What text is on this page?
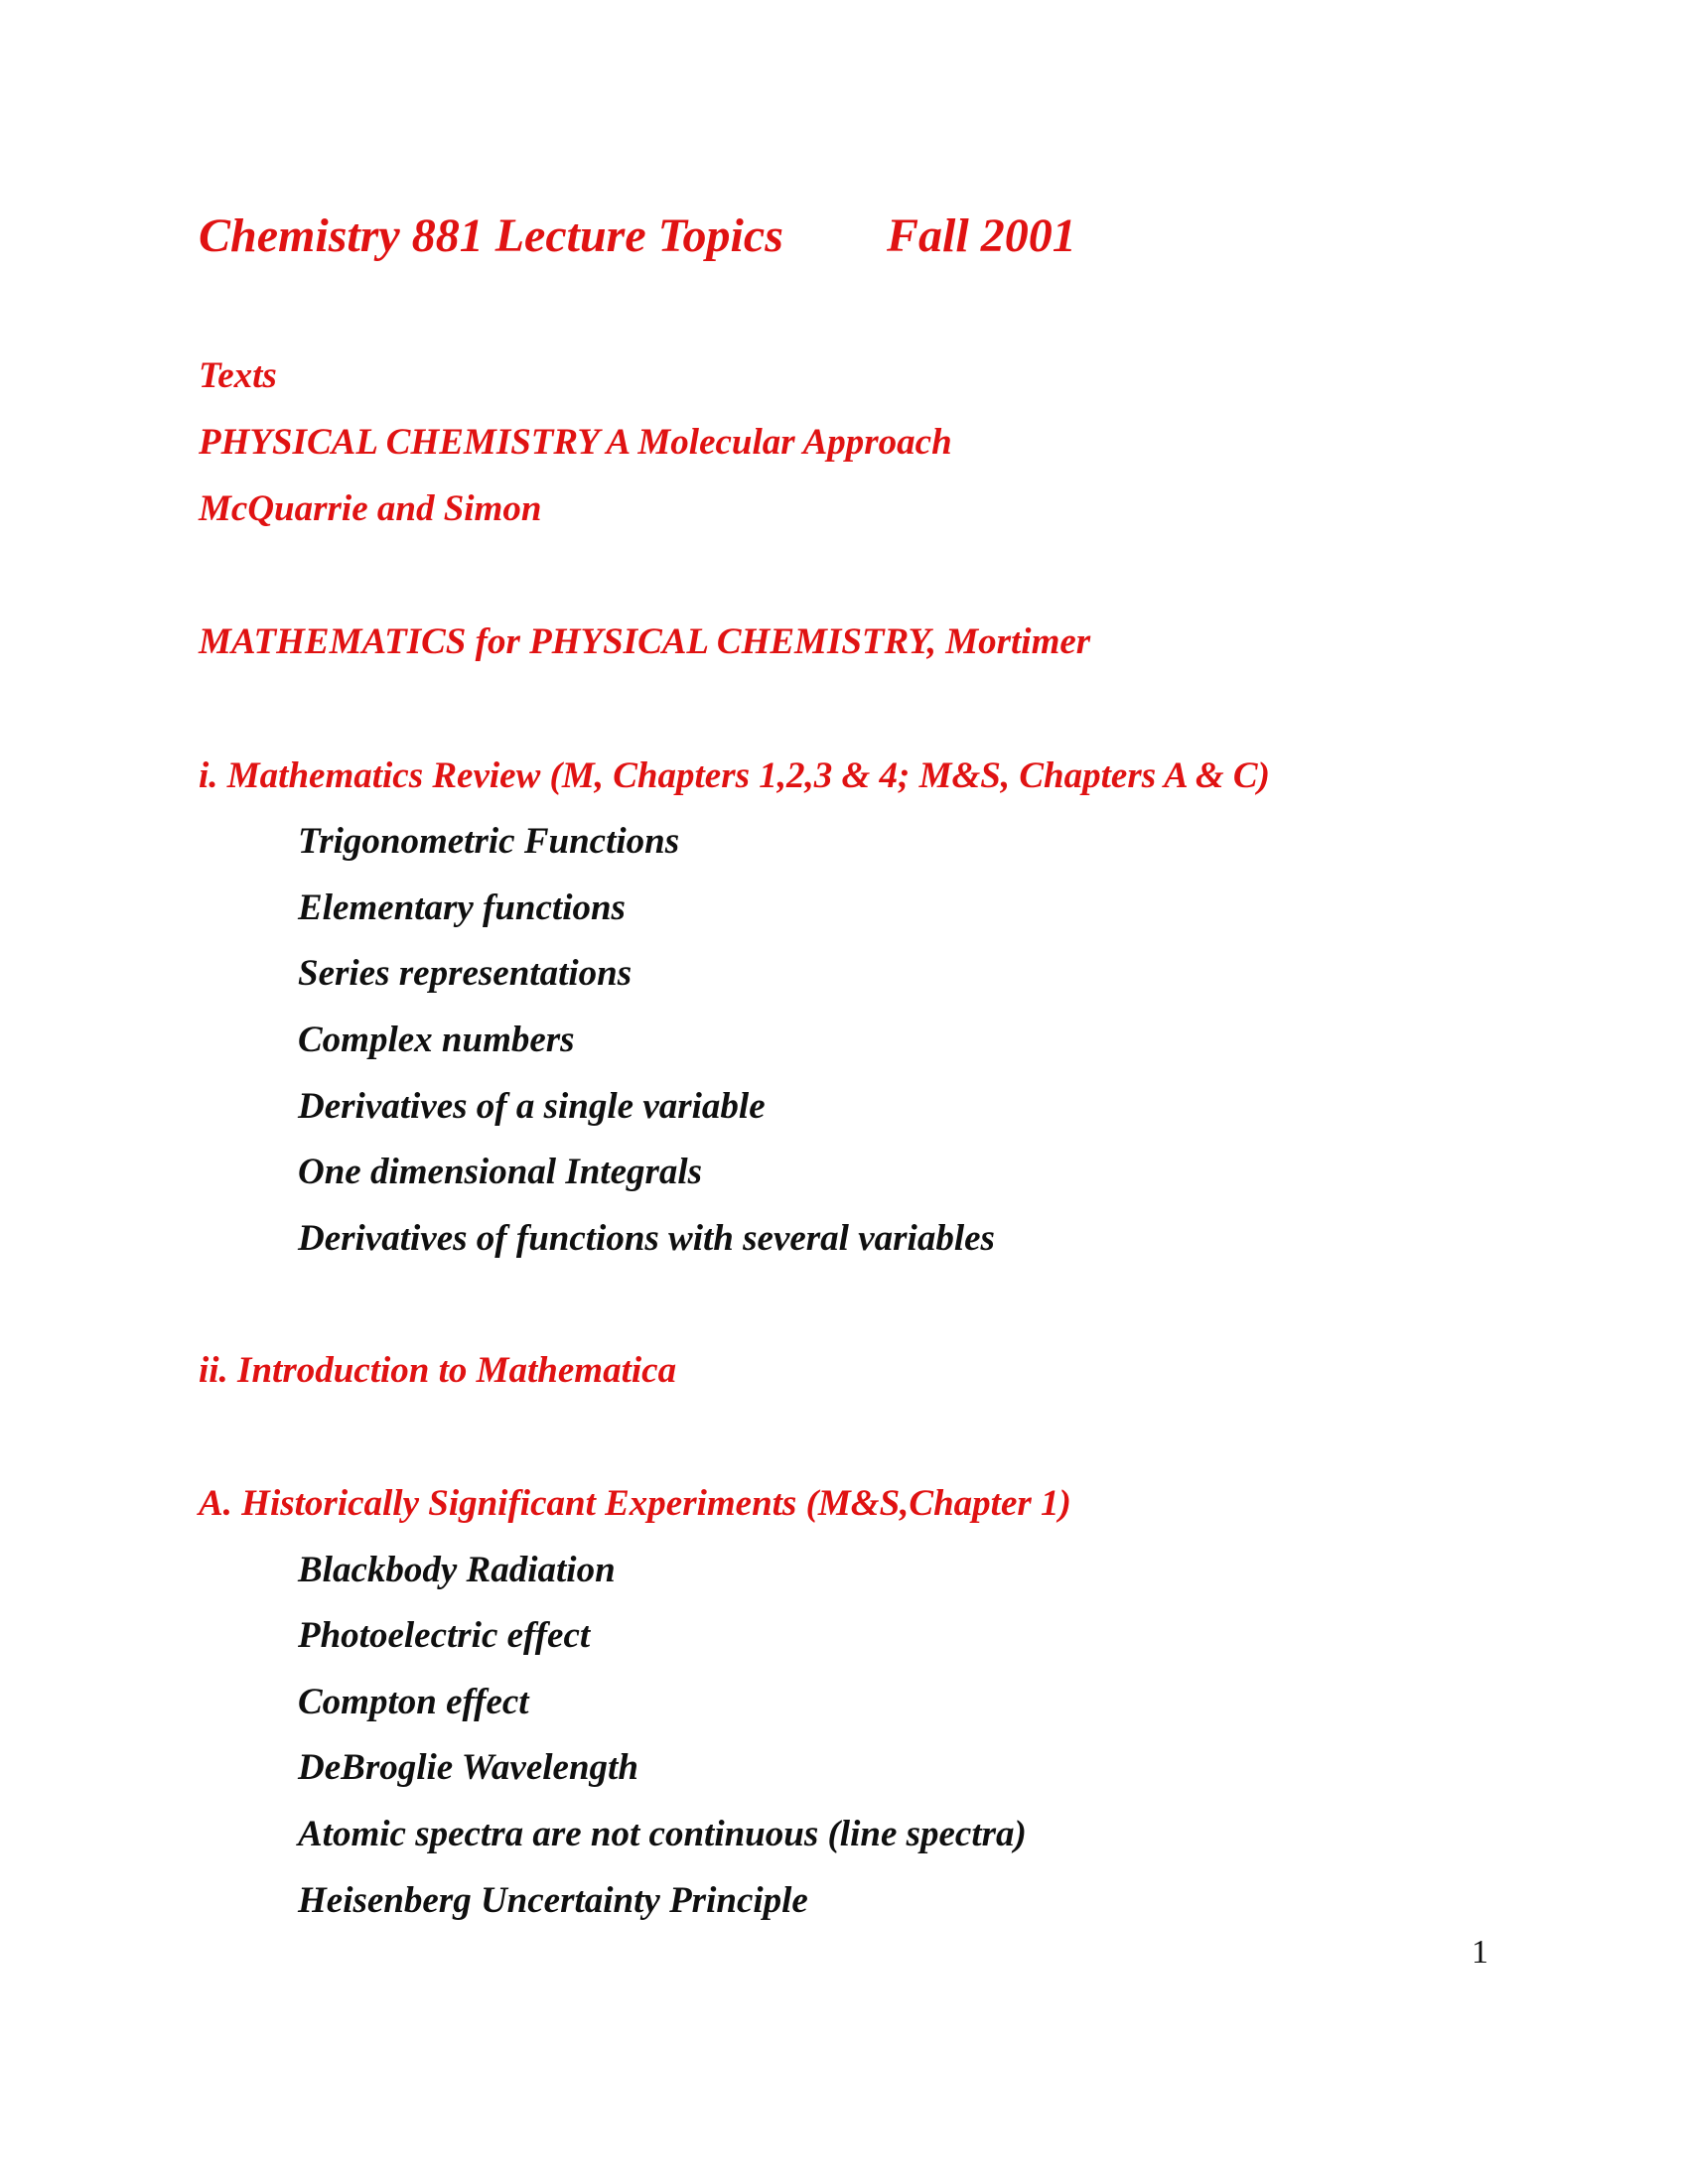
Chemistry 881 Lecture Topics Fall 2001
Texts
PHYSICAL CHEMISTRY A Molecular Approach
McQuarrie and Simon
MATHEMATICS for PHYSICAL CHEMISTRY, Mortimer
i. Mathematics Review (M, Chapters 1,2,3 & 4; M&S, Chapters A & C)
Trigonometric Functions
Elementary functions
Series representations
Complex numbers
Derivatives of a single variable
One dimensional Integrals
Derivatives of functions with several variables
ii. Introduction to Mathematica
A. Historically Significant Experiments (M&S,Chapter 1)
Blackbody Radiation
Photoelectric effect
Compton effect
DeBroglie Wavelength
Atomic spectra are not continuous (line spectra)
Heisenberg Uncertainty Principle
1
